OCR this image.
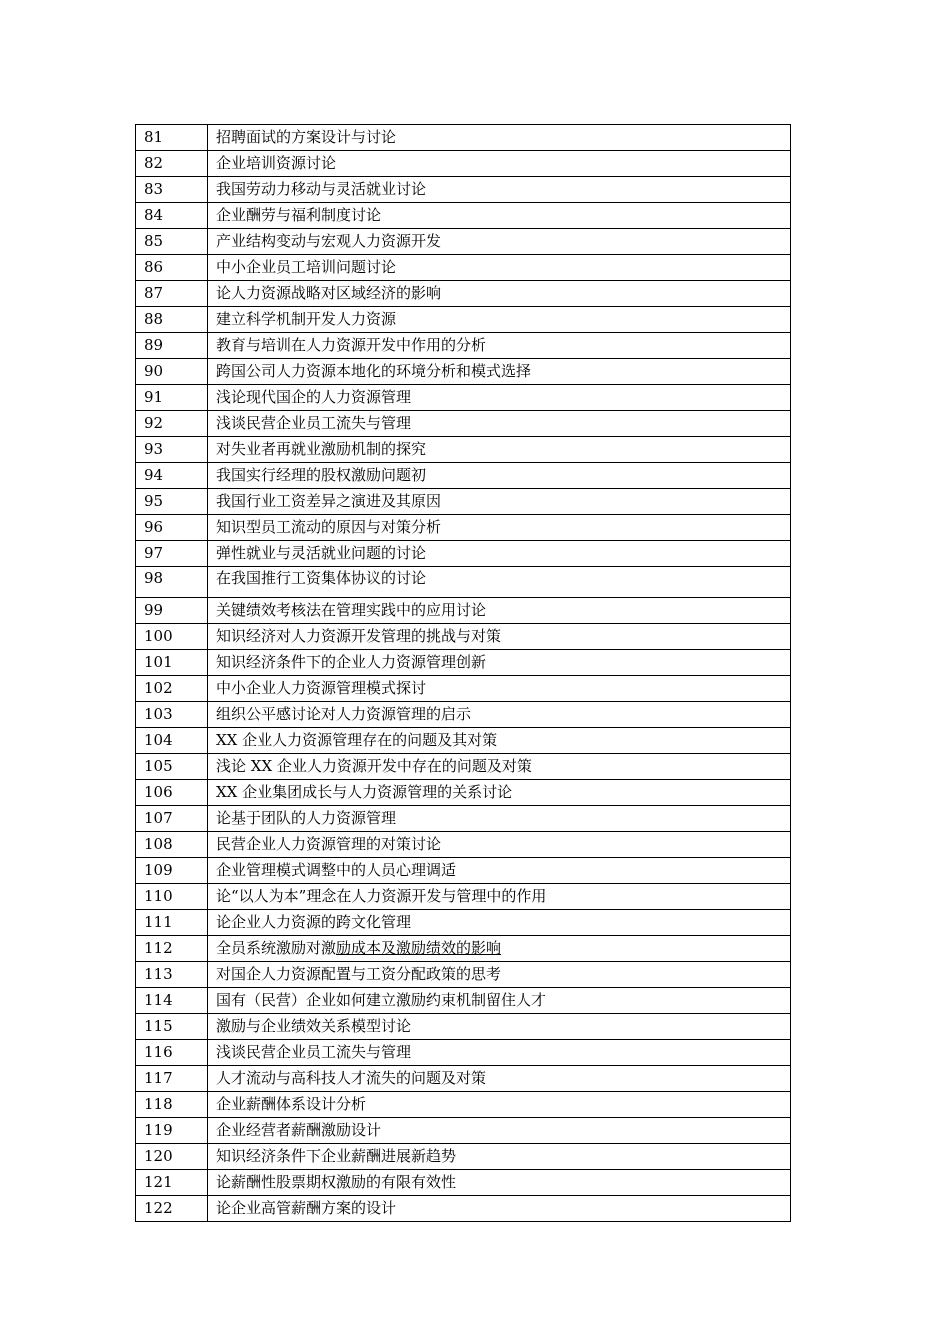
81	招聘面试的方案设计与讨论
82	企业培训资源讨论
83	我国劳动力移动与灵活就业讨论
84	企业酬劳与福利制度讨论
85	产业结构变动与宏观人力资源开发
86	中小企业员工培训问题讨论
87	论人力资源战略对区域经济的影响
88	建立科学机制开发人力资源
89	教育与培训在人力资源开发中作用的分析
90	跨国公司人力资源本地化的环境分析和模式选择
91	浅论现代国企的人力资源管理
92	浅谈民营企业员工流失与管理
93	对失业者再就业激励机制的探究
94	我国实行经理的股权激励问题初
95	我国行业工资差异之演进及其原因
96	知识型员工流动的原因与对策分析
97	弹性就业与灵活就业问题的讨论
98	在我国推行工资集体协议的讨论
99	关键绩效考核法在管理实践中的应用讨论
100	知识经济对人力资源开发管理的挑战与对策
101	知识经济条件下的企业人力资源管理创新
102	中小企业人力资源管理模式探讨
103	组织公平感讨论对人力资源管理的启示
104	XX 企业人力资源管理存在的问题及其对策
105	浅论 XX 企业人力资源开发中存在的问题及对策
106	XX 企业集团成长与人力资源管理的关系讨论
107	论基于团队的人力资源管理
108	民营企业人力资源管理的对策讨论
109	企业管理模式调整中的人员心理调适
110	论“以人为本”理念在人力资源开发与管理中的作用
111	论企业人力资源的跨文化管理
112	全员系统激励对激励成本及激励绩效的影响
113	对国企人力资源配置与工资分配政策的思考
114	国有（民营）企业如何建立激励约束机制留住人才
115	激励与企业绩效关系模型讨论
116	浅谈民营企业员工流失与管理
117	人才流动与高科技人才流失的问题及对策
118	企业薪酬体系设计分析
119	企业经营者薪酬激励设计
120	知识经济条件下企业薪酬进展新趋势
121	论薪酬性股票期权激励的有限有效性
122	论企业高管薪酬方案的设计
